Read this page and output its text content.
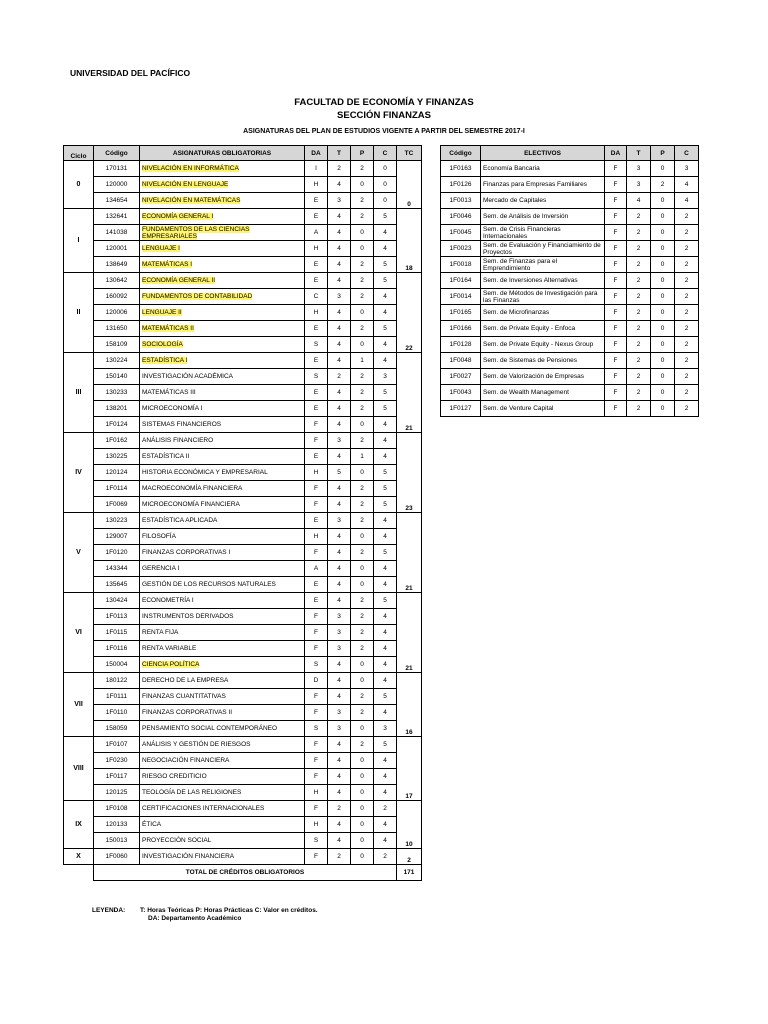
UNIVERSIDAD DEL PACÍFICO
FACULTAD DE ECONOMÍA Y FINANZAS
SECCIÓN FINANZAS
ASIGNATURAS DEL PLAN DE ESTUDIOS VIGENTE A PARTIR DEL SEMESTRE 2017-I
Ciclo	Código	ASIGNATURAS OBLIGATORIAS	DA	T	P	C	TC
0	170131	NIVELACIÓN EN INFORMÁTICA	I	2	2	0	0
	120000	NIVELACIÓN EN LENGUAJE	H	4	0	0	
	134654	NIVELACIÓN EN MATEMÁTICAS	E	3	2	0	
I	132641	ECONOMÍA GENERAL I	E	4	2	5	18
	141038	FUNDAMENTOS DE LAS CIENCIAS EMPRESARIALES	A	4	0	4	
	120001	LENGUAJE I	H	4	0	4	
	138649	MATEMÁTICAS I	E	4	2	5	
II	130642	ECONOMÍA GENERAL II	E	4	2	5	22
	160092	FUNDAMENTOS DE CONTABILIDAD	C	3	2	4	
	120006	LENGUAJE II	H	4	0	4	
	131650	MATEMÁTICAS II	E	4	2	5	
	158109	SOCIOLOGÍA	S	4	0	4	
III	130224	ESTADÍSTICA I	E	4	1	4	21
	150140	INVESTIGACIÓN ACADÉMICA	S	2	2	3	
	130233	MATEMÁTICAS III	E	4	2	5	
	138201	MICROECONOMÍA I	E	4	2	5	
	1F0124	SISTEMAS FINANCIEROS	F	4	0	4	
IV	1F0162	ANÁLISIS FINANCIERO	F	3	2	4	23
	130225	ESTADÍSTICA II	E	4	1	4	
	120124	HISTORIA ECONÓMICA Y EMPRESARIAL	H	5	0	5	
	1F0114	MACROECONOMÍA FINANCIERA	F	4	2	5	
	1F0069	MICROECONOMÍA FINANCIERA	F	4	2	5	
V	130223	ESTADÍSTICA APLICADA	E	3	2	4	21
	129007	FILOSOFÍA	H	4	0	4	
	1F0120	FINANZAS CORPORATIVAS I	F	4	2	5	
	143344	GERENCIA I	A	4	0	4	
	135645	GESTIÓN DE LOS RECURSOS NATURALES	E	4	0	4	
VI	130424	ECONOMETRÍA I	E	4	2	5	21
	1F0113	INSTRUMENTOS DERIVADOS	F	3	2	4	
	1F0115	RENTA FIJA	F	3	2	4	
	1F0116	RENTA VARIABLE	F	3	2	4	
	150004	CIENCIA POLÍTICA	S	4	0	4	
VII	180122	DERECHO DE LA EMPRESA	D	4	0	4	16
	1F0111	FINANZAS CUANTITATIVAS	F	4	2	5	
	1F0110	FINANZAS CORPORATIVAS II	F	3	2	4	
	158059	PENSAMIENTO SOCIAL CONTEMPORÁNEO	S	3	0	3	
VIII	1F0107	ANÁLISIS Y GESTIÓN DE RIESGOS	F	4	2	5	17
	1F0230	NEGOCIACIÓN FINANCIERA	F	4	0	4	
	1F0117	RIESGO CREDITICIO	F	4	0	4	
	120125	TEOLOGÍA DE LAS RELIGIONES	H	4	0	4	
IX	1F0108	CERTIFICACIONES INTERNACIONALES	F	2	0	2	10
	120133	ÉTICA	H	4	0	4	
	150013	PROYECCIÓN SOCIAL	S	4	0	4	
X	1F0060	INVESTIGACIÓN FINANCIERA	F	2	0	2	2
	TOTAL DE CRÉDITOS OBLIGATORIOS						171
Código	ELECTIVOS	DA	T	P	C
1F0163	Economía Bancaria	F	3	0	3
1F0126	Finanzas para Empresas Familiares	F	3	2	4
1F0013	Mercado de Capitales	F	4	0	4
1F0046	Sem. de Análisis de Inversión	F	2	0	2
1F0045	Sem. de Crisis Financieras Internacionales	F	2	0	2
1F0023	Sem. de Evaluación y Financiamiento de Proyectos	F	2	0	2
1F0018	Sem. de Finanzas para el Emprendimiento	F	2	0	2
1F0164	Sem. de Inversiones Alternativas	F	2	0	2
1F0014	Sem. de Métodos de Investigación para las Finanzas	F	2	0	2
1F0165	Sem. de Microfinanzas	F	2	0	2
1F0166	Sem. de Private Equity - Enfoca	F	2	0	2
1F0128	Sem. de Private Equity - Nexus Group	F	2	0	2
1F0048	Sem. de Sistemas de Pensiones	F	2	0	2
1F0027	Sem. de Valorización de Empresas	F	2	0	2
1F0043	Sem. de Wealth Management	F	2	0	2
1F0127	Sem. de Venture Capital	F	2	0	2
LEYENDA: T: Horas Teóricas P: Horas Prácticas C: Valor en créditos.
DA: Departamento Académico
